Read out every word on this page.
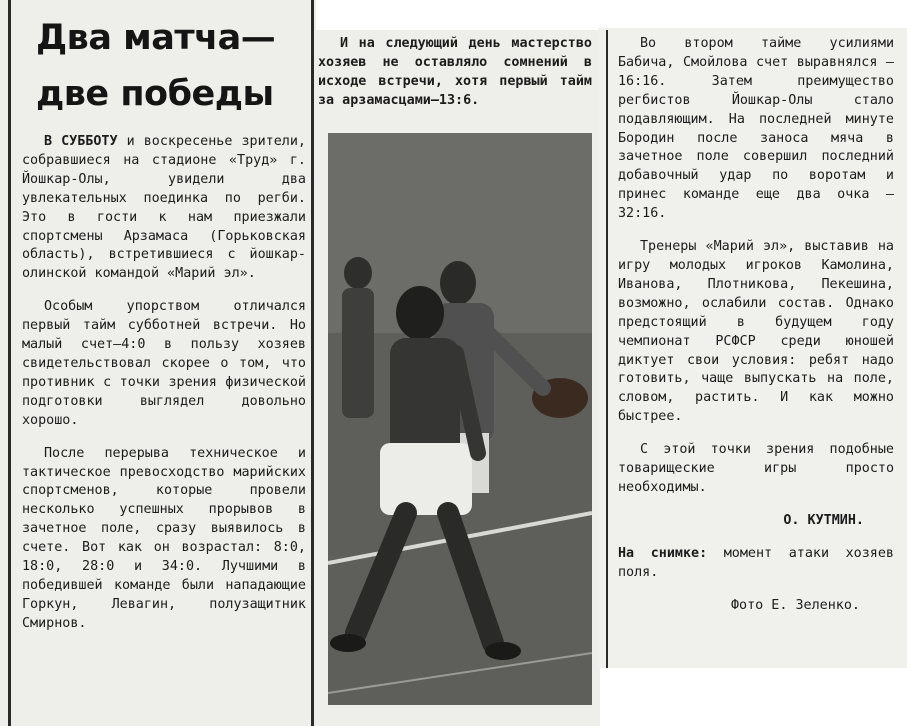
Два матча—
две победы

В СУББОТУ и воскресенье зрители, собравшиеся на стадионе «Труд» г. Йошкар-Олы, увидели два увлекательных поединка по регби. Это в гости к нам приезжали спортсмены Арзамаса (Горьковская область), встретившиеся с йошкар-олинской командой «Марий эл».

Особым упорством отличался первый тайм субботней встречи. Но малый счет—4:0 в пользу хозяев свидетельствовал скорее о том, что противник с точки зрения физической подготовки выглядел довольно хорошо.

После перерыва техническое и тактическое превосходство марийских спортсменов, которые провели несколько успешных прорывов в зачетное поле, сразу выявилось в счете. Вот как он возрастал: 8:0, 18:0, 28:0 и 34:0. Лучшими в победившей команде были нападающие Горкун, Левагин, полузащитник Смирнов.

И на следующий день мастерство хозяев не оставляло сомнений в исходе встречи, хотя первый тайм за арзамасцами—13:6.

Во втором тайме усилиями Бабича, Смойлова счет выравнялся — 16:16. Затем преимущество регбистов Йошкар-Олы стало подавляющим. На последней минуте Бородин после заноса мяча в зачетное поле совершил последний добавочный удар по воротам и принес команде еще два очка — 32:16.

Тренеры «Марий эл», выставив на игру молодых игроков Камолина, Иванова, Плотникова, Пекешина, возможно, ослабили состав. Однако предстоящий в будущем году чемпионат РСФСР среди юношей диктует свои условия: ребят надо готовить, чаще выпускать на поле, словом, растить. И как можно быстрее.

С этой точки зрения подобные товарищеские игры просто необходимы.

О. КУТМИН.

На снимке: момент атаки хозяев поля.

Фото Е. Зеленко.
